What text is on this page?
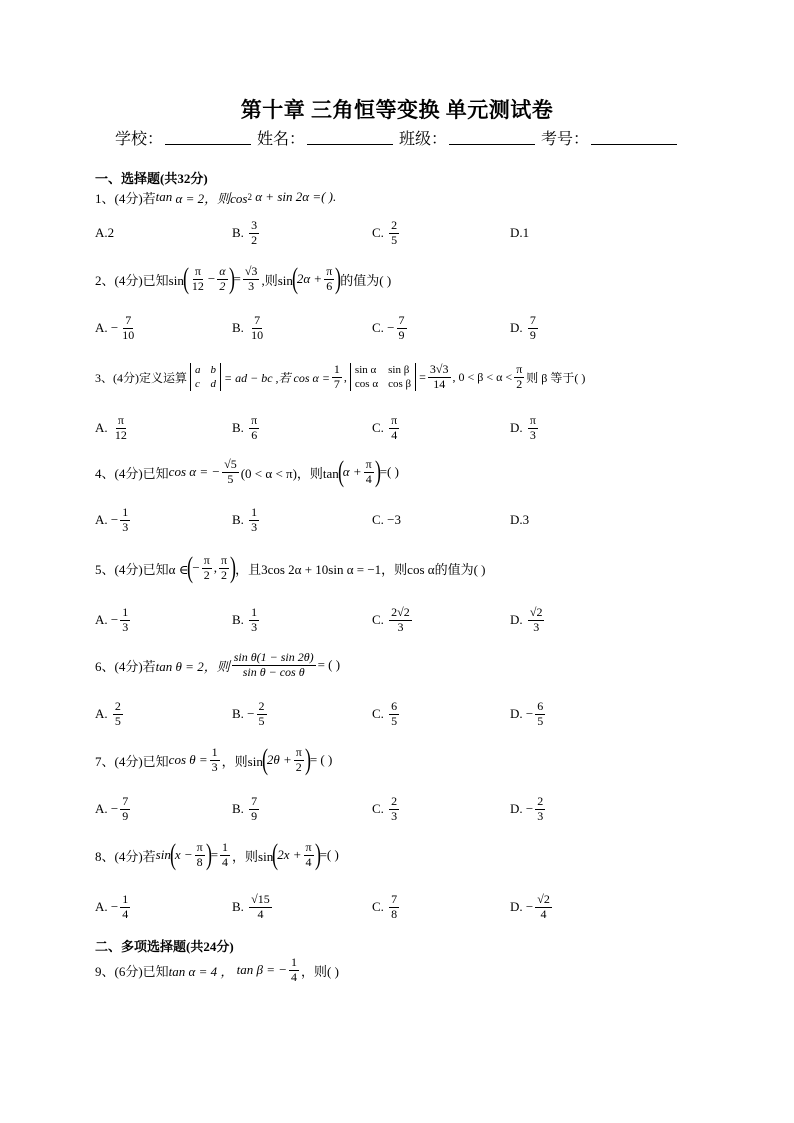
第十章 三角恒等变换 单元测试卷
学校：	姓名：	班级：	考号：
一、选择题(共32分)
1、(4分)若 tan
α = 2，则cos 2
α + sin 2α =( ).
A.2	B.
$\frac{3}{2}$	C.
$\frac{2}{5}$	D.1
2、(4分)已知sin ( $\frac{\pi}{12} - \frac{\alpha}{2}$ ) = $\frac{√3}{3}$ ,则sin ( $2\alpha + \frac{\pi}{6}$ ) 的值为( )
A. − $\frac{7}{10}$	B.
$\frac{7}{10}$	C. − $\frac{7}{9}$	D.
$\frac{7}{9}$
3、(4分)定义运算
a b
c d = ad − bc ,若 $\cos \alpha = \frac{1}{7}$ , sin α sin β
cos α cos β
= $\frac{3√3}{14}$ , $0 < \beta < \alpha < \frac{\pi}{2}$ 则 β 等于( )
A.
$\frac{\pi}{12}$	B.
$\frac{\pi}{6}$	C.
$\frac{\pi}{4}$	D.
$\frac{\pi}{3}$
4、(4分)已知 cos α = − $\frac{√5}{5} (0 < \alpha < \pi)$，则tan ( $\alpha + \frac{\pi}{4}$ ) =( )
A. − $\frac{1}{3}$	B.
$\frac{1}{3}$	C. −3	D.3
5、(4分)已知α ∈ ( − $\frac{\pi}{2}$ , $\frac{\pi}{2}$ ) ，且3cos 2α + 10sin α = −1，则cos α的值为( )
A. − $\frac{1}{3}$	B.
$\frac{1}{3}$	C.
$\frac{2√2}{3}$	D.
$\frac{√2}{3}$
6、(4分)若 tan θ = 2，则 $\frac{\text{sin θ(1 − sin 2θ)}}{\text{sin θ − cos θ}}$ = ( )
A.
$\frac{2}{5}$	B. − $\frac{2}{5}$	C.
$\frac{6}{5}$	D. − $\frac{6}{5}$
7、(4分)已知 $\cos \theta = \frac{1}{3}$ ，则sin ( $2\theta + \frac{\pi}{2}$ ) = ( )
A. − $\frac{7}{9}$	B.
$\frac{7}{9}$	C.
$\frac{2}{3}$	D. − $\frac{2}{3}$
8、(4分)若 sin ( $x - \frac{\pi}{8}$ ) = $\frac{1}{4}$ ，则sin ( $2x + \frac{\pi}{4}$ ) =( )
A. − $\frac{1}{4}$	B.
$\frac{√15}{4}$	C.
$\frac{7}{8}$	D. − $\frac{√2}{4}$
二、多项选择题(共24分)
9、(6分)已知 tan α = 4 ，
tan β = − $\frac{1}{4}$ ，则( )
